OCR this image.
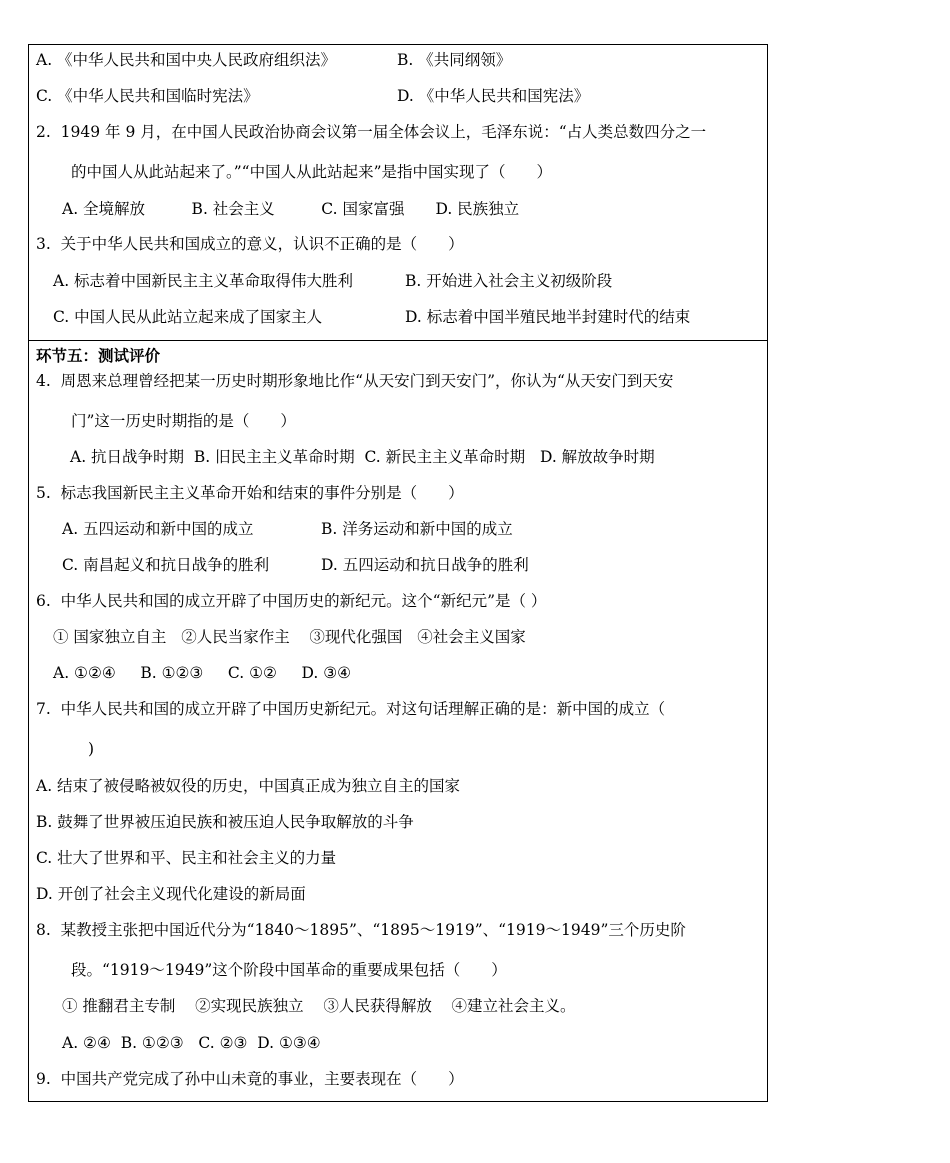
A. 《中华人民共和国中央人民政府组织法》	B. 《共同纲领》
C. 《中华人民共和国临时宪法》	D. 《中华人民共和国宪法》
2.  1949 年 9 月，在中国人民政治协商会议第一届全体会议上，毛泽东说：“占人类总数四分之一
的中国人从此站起来了。”“中国人从此站起来”是指中国实现了（　　）
A. 全境解放　　　B. 社会主义　　　C. 国家富强　　D. 民族独立
3.  关于中华人民共和国成立的意义，认识不正确的是（　　）
A. 标志着中国新民主主义革命取得伟大胜利	B. 开始进入社会主义初级阶段
C. 中国人民从此站立起来成了国家主人	D. 标志着中国半殖民地半封建时代的结束
环节五：测试评价
4.  周恩来总理曾经把某一历史时期形象地比作“从天安门到天安门”，你认为“从天安门到天安
门”这一历史时期指的是（　　）
A. 抗日战争时期  B. 旧民主主义革命时期  C. 新民主主义革命时期   D. 解放故争时期
5.  标志我国新民主主义革命开始和结束的事件分别是（　　）
A. 五四运动和新中国的成立	B. 洋务运动和新中国的成立
C. 南昌起义和抗日战争的胜利	D. 五四运动和抗日战争的胜利
6.  中华人民共和国的成立开辟了中国历史的新纪元。这个“新纪元”是（ ）
① 国家独立自主   ②人民当家作主    ③现代化强国   ④社会主义国家
A. ①②④     B. ①②③     C. ①②     D. ③④
7.  中华人民共和国的成立开辟了中国历史新纪元。对这句话理解正确的是：新中国的成立（
)
A. 结束了被侵略被奴役的历史，中国真正成为独立自主的国家
B. 鼓舞了世界被压迫民族和被压迫人民争取解放的斗争
C. 壮大了世界和平、民主和社会主义的力量
D. 开创了社会主义现代化建设的新局面
8.  某教授主张把中国近代分为“1840～1895”、“1895～1919”、“1919～1949”三个历史阶
段。“1919～1949”这个阶段中国革命的重要成果包括（　　）
① 推翻君主专制    ②实现民族独立    ③人民获得解放    ④建立社会主义。
A. ②④  B. ①②③   C. ②③  D. ①③④
9.  中国共产党完成了孙中山未竟的事业，主要表现在（　　）
